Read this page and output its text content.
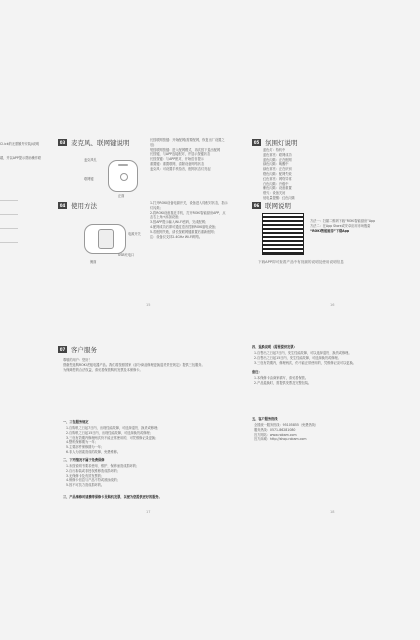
Cl.ick的无需额外安装Ji说明
端，并以APP提示帮助操作联
03 麦克风、联网键说明
麦克风孔
联网键
正面
长按联网按键：开始配网(需要配网，恢复出厂设置之后)
短按联网按键：进入配网模式，再次按下退出配网
长按键，与APP连接配对，并显示按键状态
长按按键：与APP配对，开始语音提示
重置键：重置联网，清除设备网络状态
麦克风：可设置手机拾音，配网状态灯亮起
04 使用方法
电源开关
USB充电口
侧面
1.打开ROKI设备电源开关，设备进入待配对状态，指示灯闪烁；
2.将ROKI设备靠近手机，打开ROKI智能厨房APP，点击右上角+添加设备；
3.按APP提示输入Wi-Fi密码，完成配网；
4.配网成功后即可通过语音控制ROKI厨电设备；
5.若配网失败，请长按联网键重置后重新配网；
注：设备仅支持2.4GHz Wi-Fi网络。
05 氛围灯说明
蓝色灯：待机中
蓝色常亮：联网成功
蓝色闪烁：正在配网
绿色闪烁：唤醒中
绿色常亮：正在识别
橙色闪烁：配网失败
红色常亮：网络异常
白色闪烁：升级中
紫色闪烁：设备重置
熄灭：设备关闭
低电量提醒：红色闪烁
06 联网说明
方法一：扫描二维码下载“ROKI智能厨房”App
方法二：在App Store或安卓应用市场搜索
“ROKI智能厨房”下载App
下载APP即可查看产品中有视频的说明及使用说明信息
15	16
07 客户服务
尊敬的用户：您好！
感谢您选购ROKI老板电器产品。我们将按照国家《部分商品修理更换退货责任规定》提供三包服务。
为保障您的合法权益，请妥善保管购机发票及本保修卡。
一、三包服务规定
1.自购机之日起7日内，出现性能故障，可选择退货、换货或修理；
2.自购机之日起15日内，出现性能故障，可选择换货或修理；
3.三包有效期内修理两次仍不能正常使用的，可凭维修记录更换；
4.整机保修期为一年；
5.主要部件保修期为一年；
6.非人为因素造成的故障，免费维修。
二、下列情况不属于免费保修
1.未按说明书要求使用、维护、保养而造成损坏的；
2.自行拆装或非授权维修造成损坏的；
3.无保修卡及有效发票的；
4.保修卡信息与产品不符或被涂改的；
5.因不可抗力造成损坏的。
三、产品维修时请携带保修卡及购机发票，以便为您提供更好的服务。
四、退换说明（需要提供发票）
1.自售出之日起7日内，发生性能故障，可以选择退货、换货或修理。
2.自售出之日起15日内，发生性能故障，可选择换货或修理。
3.三包有效期内，修理两次，仍不能正常使用的，凭维修记录可以更换。
备注：
1.本保修卡由商家填写，请妥善保管。
2.产品退换时，需提供发票及完整包装。
五、客户服务热线
全国统一服务热线：95105855（免费热线）
服务热线：0571-86281080
官方网站：www.robam.com
官方商城：http://shop.robam.com
17	18
